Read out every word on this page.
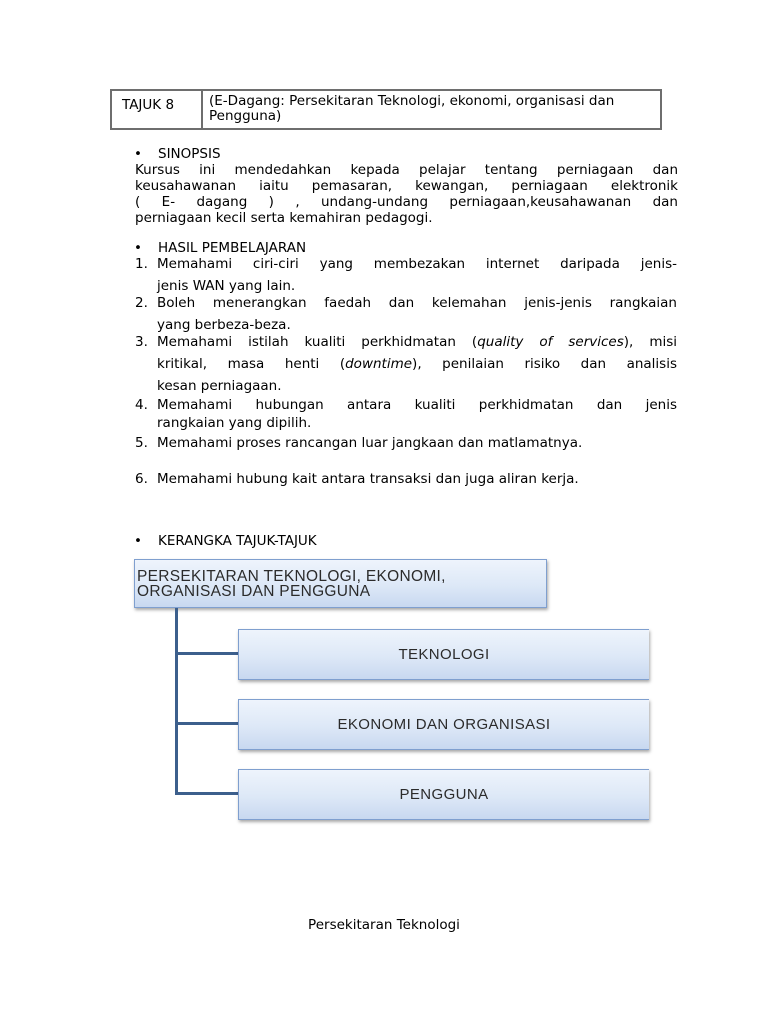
TAJUK 8	(E-Dagang: Persekitaran Teknologi, ekonomi, organisasi dan Pengguna)
• SINOPSIS
Kursus ini mendedahkan kepada pelajar tentang perniagaan dan
keusahawanan iaitu pemasaran, kewangan, perniagaan elektronik
( E- dagang ) , undang-undang perniagaan,keusahawanan dan
perniagaan kecil serta kemahiran pedagogi.
• HASIL PEMBELAJARAN
1. Memahami ciri-ciri yang membezakan internet daripada jenis-
jenis WAN yang lain.
2. Boleh menerangkan faedah dan kelemahan jenis-jenis rangkaian
yang berbeza-beza.
3. Memahami istilah kualiti perkhidmatan (quality of services), misi
kritikal, masa henti (downtime), penilaian risiko dan analisis
kesan perniagaan.
4. Memahami hubungan antara kualiti perkhidmatan dan jenis
rangkaian yang dipilih.
5. Memahami proses rancangan luar jangkaan dan matlamatnya.
6. Memahami hubung kait antara transaksi dan juga aliran kerja.
• KERANGKA TAJUK-TAJUK
PERSEKITARAN TEKNOLOGI, EKONOMI,
ORGANISASI DAN PENGGUNA
TEKNOLOGI
EKONOMI DAN ORGANISASI
PENGGUNA
Persekitaran Teknologi
